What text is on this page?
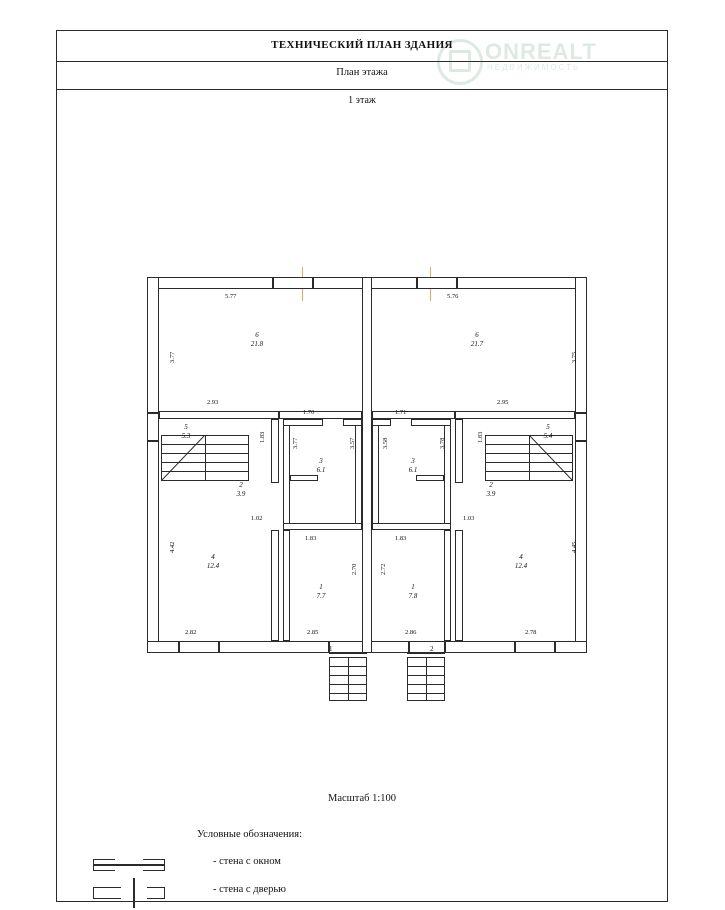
ТЕХНИЧЕСКИЙ ПЛАН ЗДАНИЯ
План этажа
1 этаж
ONREALT
НЕДВИЖИМОСТЬ
1	2
6
21.8
6
21.7
5
5.3
5
5.4
4
12.4
4
12.4
3
6.1
3
6.1
2
3.9
2
3.9
1
7.7
1
7.8
5.77	5.76
3.77	3.75
2.93	2.95
1.83	1.83
1.70	1.71
3.77	3.57	3.58	3.78
1.02	1.03
1.83	1.83
4.42	4.45
2.70	2.72
2.82	2.85	2.86	2.78
Масштаб 1:100
Условные обозначения:
- стена с окном
- стена с дверью
